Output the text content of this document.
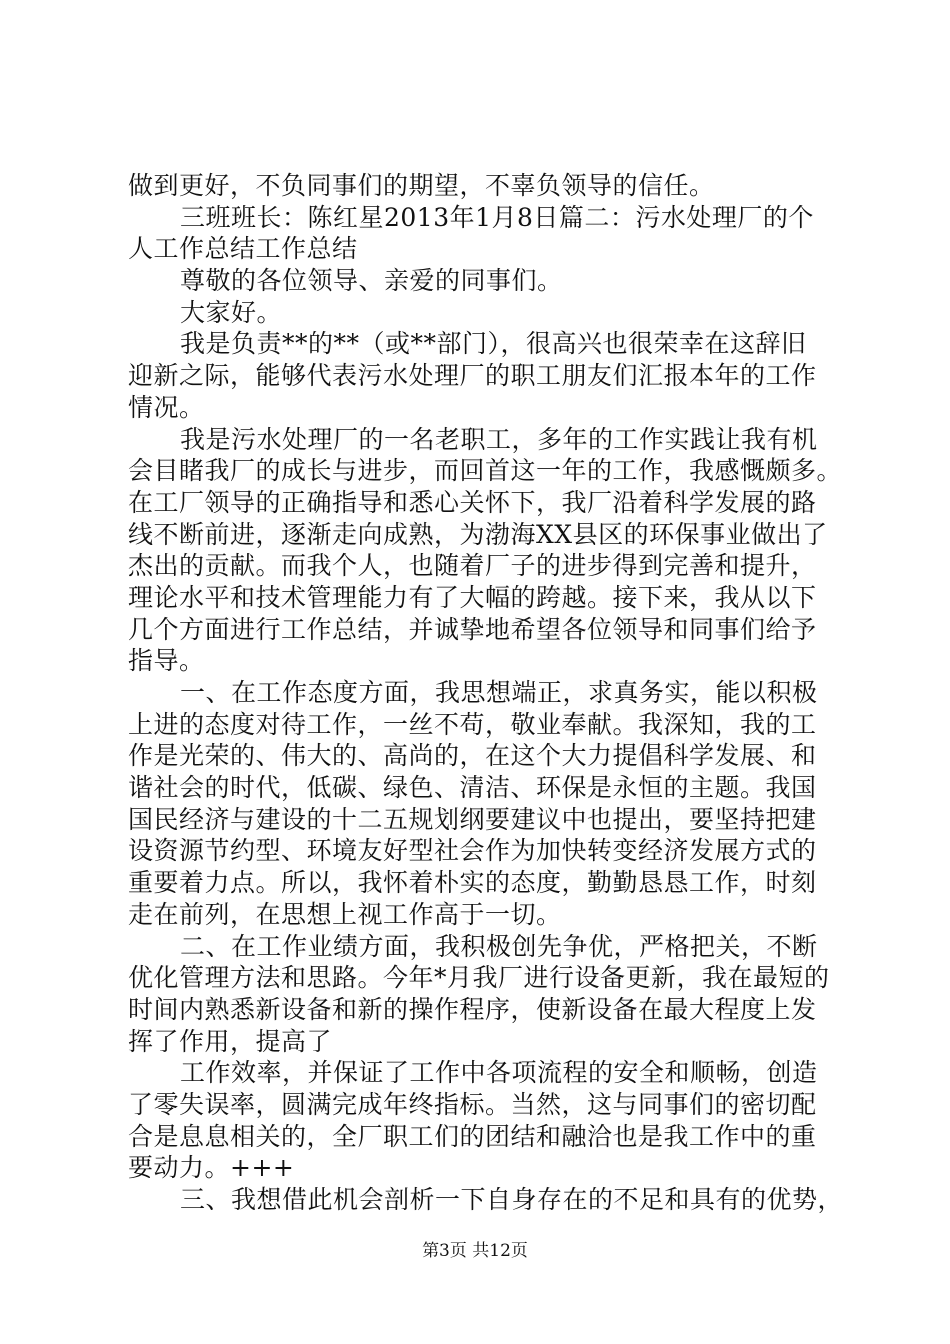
做到更好，不负同事们的期望，不辜负领导的信任。
三班班长：陈红星2013年1月8日篇二：污水处理厂的个
人工作总结工作总结
尊敬的各位领导、亲爱的同事们。
大家好。
我是负责**的**（或**部门），很高兴也很荣幸在这辞旧
迎新之际，能够代表污水处理厂的职工朋友们汇报本年的工作
情况。
我是污水处理厂的一名老职工，多年的工作实践让我有机
会目睹我厂的成长与进步，而回首这一年的工作，我感慨颇多。
在工厂领导的正确指导和悉心关怀下，我厂沿着科学发展的路
线不断前进，逐渐走向成熟，为渤海XX县区的环保事业做出了
杰出的贡献。而我个人，也随着厂子的进步得到完善和提升，
理论水平和技术管理能力有了大幅的跨越。接下来，我从以下
几个方面进行工作总结，并诚挚地希望各位领导和同事们给予
指导。
一、在工作态度方面，我思想端正，求真务实，能以积极
上进的态度对待工作，一丝不苟，敬业奉献。我深知，我的工
作是光荣的、伟大的、高尚的，在这个大力提倡科学发展、和
谐社会的时代，低碳、绿色、清洁、环保是永恒的主题。我国
国民经济与建设的十二五规划纲要建议中也提出，要坚持把建
设资源节约型、环境友好型社会作为加快转变经济发展方式的
重要着力点。所以，我怀着朴实的态度，勤勤恳恳工作，时刻
走在前列，在思想上视工作高于一切。
二、在工作业绩方面，我积极创先争优，严格把关，不断
优化管理方法和思路。今年*月我厂进行设备更新，我在最短的
时间内熟悉新设备和新的操作程序，使新设备在最大程度上发
挥了作用，提高了
工作效率，并保证了工作中各项流程的安全和顺畅，创造
了零失误率，圆满完成年终指标。当然，这与同事们的密切配
合是息息相关的，全厂职工们的团结和融洽也是我工作中的重
要动力。+++
三、我想借此机会剖析一下自身存在的不足和具有的优势，
第3页 共12页
